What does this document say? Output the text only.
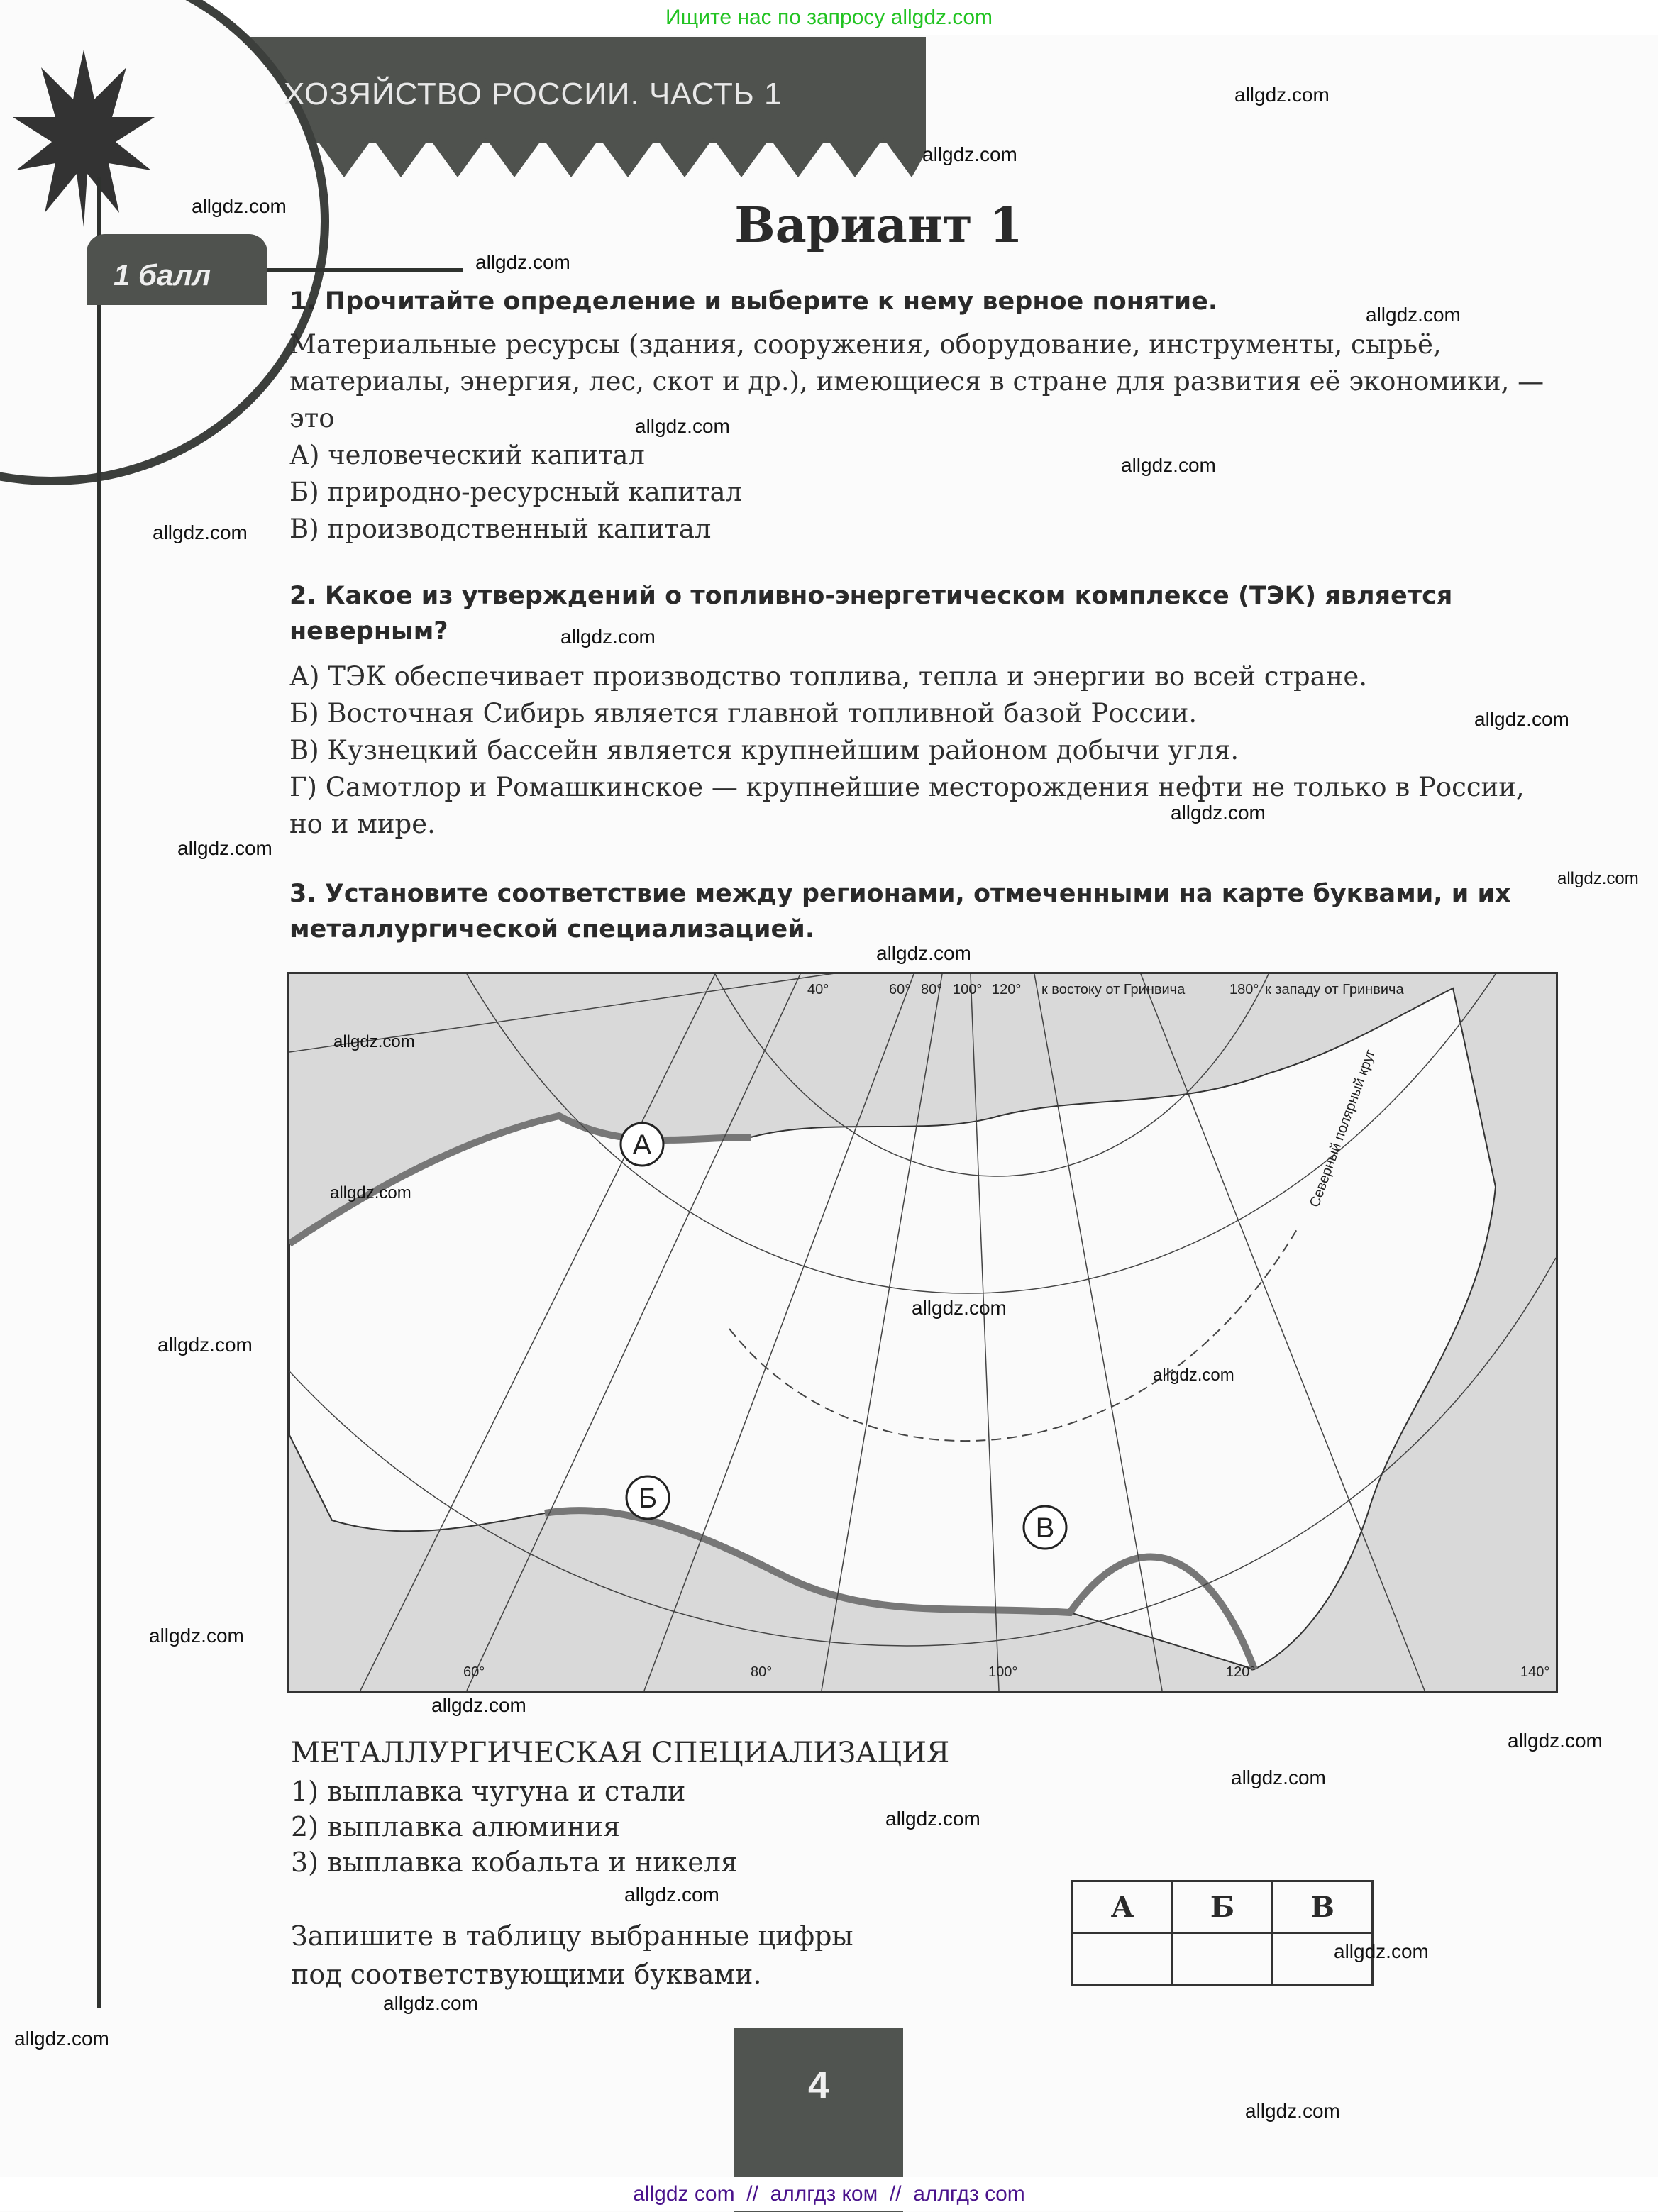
Ищите нас по запросу allgdz.com
ХОЗЯЙСТВО РОССИИ. ЧАСТЬ 1
1 балл
Вариант 1
1. Прочитайте определение и выберите к нему верное понятие.
Материальные ресурсы (здания, сооружения, оборудование, инструменты, сырьё, материалы, энергия, лес, скот и др.), имеющиеся в стране для развития её экономики, — это
А) человеческий капитал
Б) природно-ресурсный капитал
В) производственный капитал
2. Какое из утверждений о топливно-энергетическом комплексе (ТЭК) является неверным?
А) ТЭК обеспечивает производство топлива, тепла и энергии во всей стране.
Б) Восточная Сибирь является главной топливной базой России.
В) Кузнецкий бассейн является крупнейшим районом добычи угля.
Г) Самотлор и Ромашкинское — крупнейшие месторождения нефти не только в России, но и мире.
3. Установите соответствие между регионами, отмеченными на карте буквами, и их металлургической специализацией.
А
Б
В
40°	60° 80° 100° 120° к востоку от Гринвича	180° к западу от Гринвича
60°	80°	100°	120°	140°
Северный полярный круг
МЕТАЛЛУРГИЧЕСКАЯ СПЕЦИАЛИЗАЦИЯ
1) выплавка чугуна и стали
2) выплавка алюминия
3) выплавка кобальта и никеля
Запишите в таблицу выбранные цифры
под соответствующими буквами.
А	Б	В

4
allgdz.com
allgdz.com
allgdz.com
allgdz.com
allgdz.com
allgdz.com
allgdz.com
allgdz.com
allgdz.com
allgdz.com
allgdz.com
allgdz.com
allgdz.com
allgdz.com
allgdz.com
allgdz.com
allgdz.com
allgdz.com
allgdz.com
allgdz.com
allgdz.com
allgdz.com
allgdz.com
allgdz.com
allgdz.com
allgdz.com
allgdz.com
allgdz.com
allgdz.com
allgdz com  //  аллгдз ком  //  аллгдз com
